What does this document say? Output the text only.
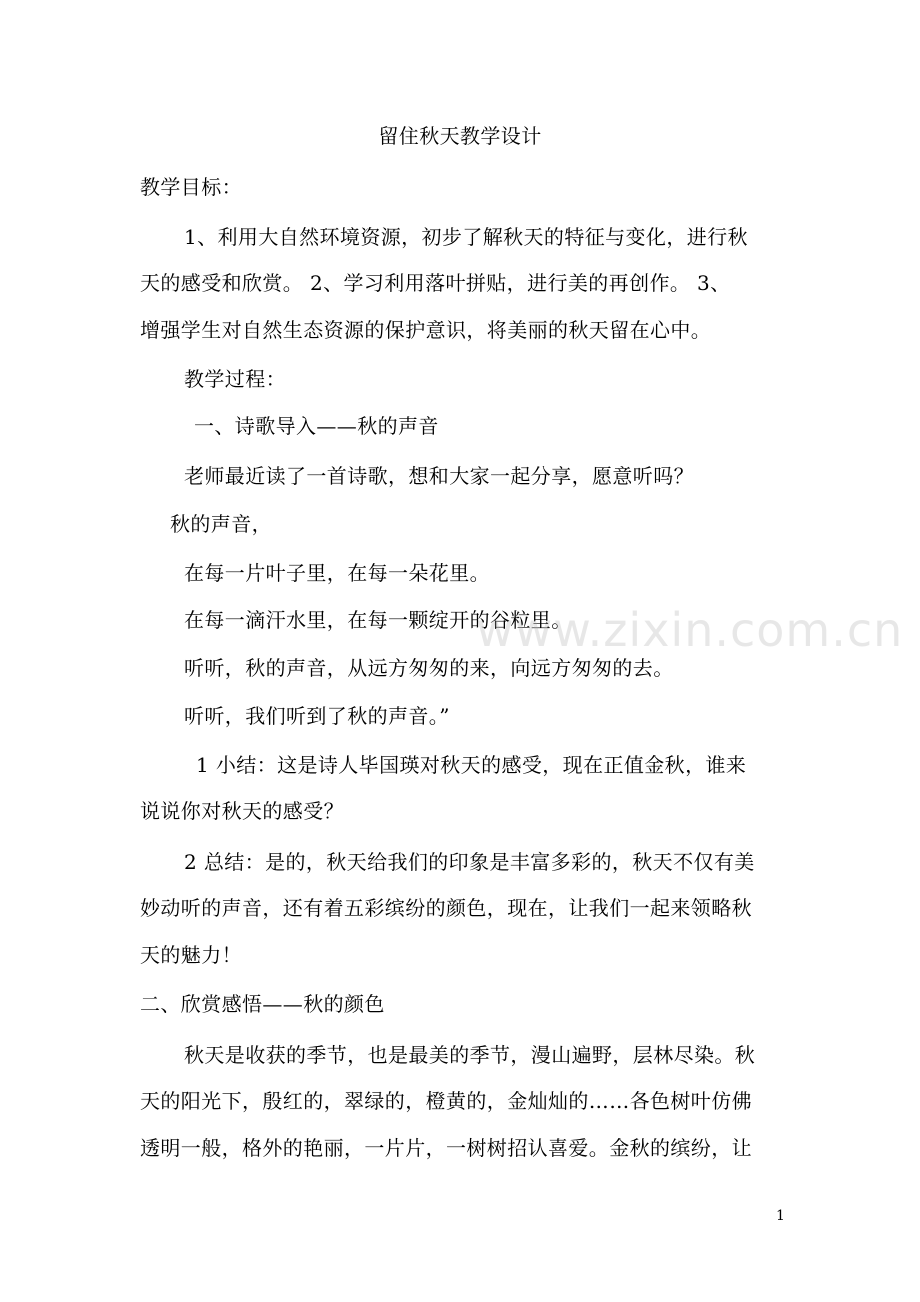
留住秋天教学设计
教学目标：
1、利用大自然环境资源，初步了解秋天的特征与变化，进行秋
天的感受和欣赏。 2、学习利用落叶拼贴，进行美的再创作。 3、
增强学生对自然生态资源的保护意识，将美丽的秋天留在心中。
教学过程：
一、诗歌导入——秋的声音
老师最近读了一首诗歌，想和大家一起分享，愿意听吗？
秋的声音，
在每一片叶子里，在每一朵花里。
在每一滴汗水里，在每一颗绽开的谷粒里。
听听，秋的声音，从远方匆匆的来，向远方匆匆的去。
听听，我们听到了秋的声音。”
1 小结：这是诗人毕国瑛对秋天的感受，现在正值金秋，谁来
说说你对秋天的感受？
2 总结：是的，秋天给我们的印象是丰富多彩的，秋天不仅有美
妙动听的声音，还有着五彩缤纷的颜色，现在，让我们一起来领略秋
天的魅力！
二、欣赏感悟——秋的颜色
秋天是收获的季节，也是最美的季节，漫山遍野，层林尽染。秋
天的阳光下，殷红的，翠绿的，橙黄的，金灿灿的……各色树叶仿佛
透明一般，格外的艳丽，一片片，一树树招认喜爱。金秋的缤纷，让
www.zixin.com.cn
1
